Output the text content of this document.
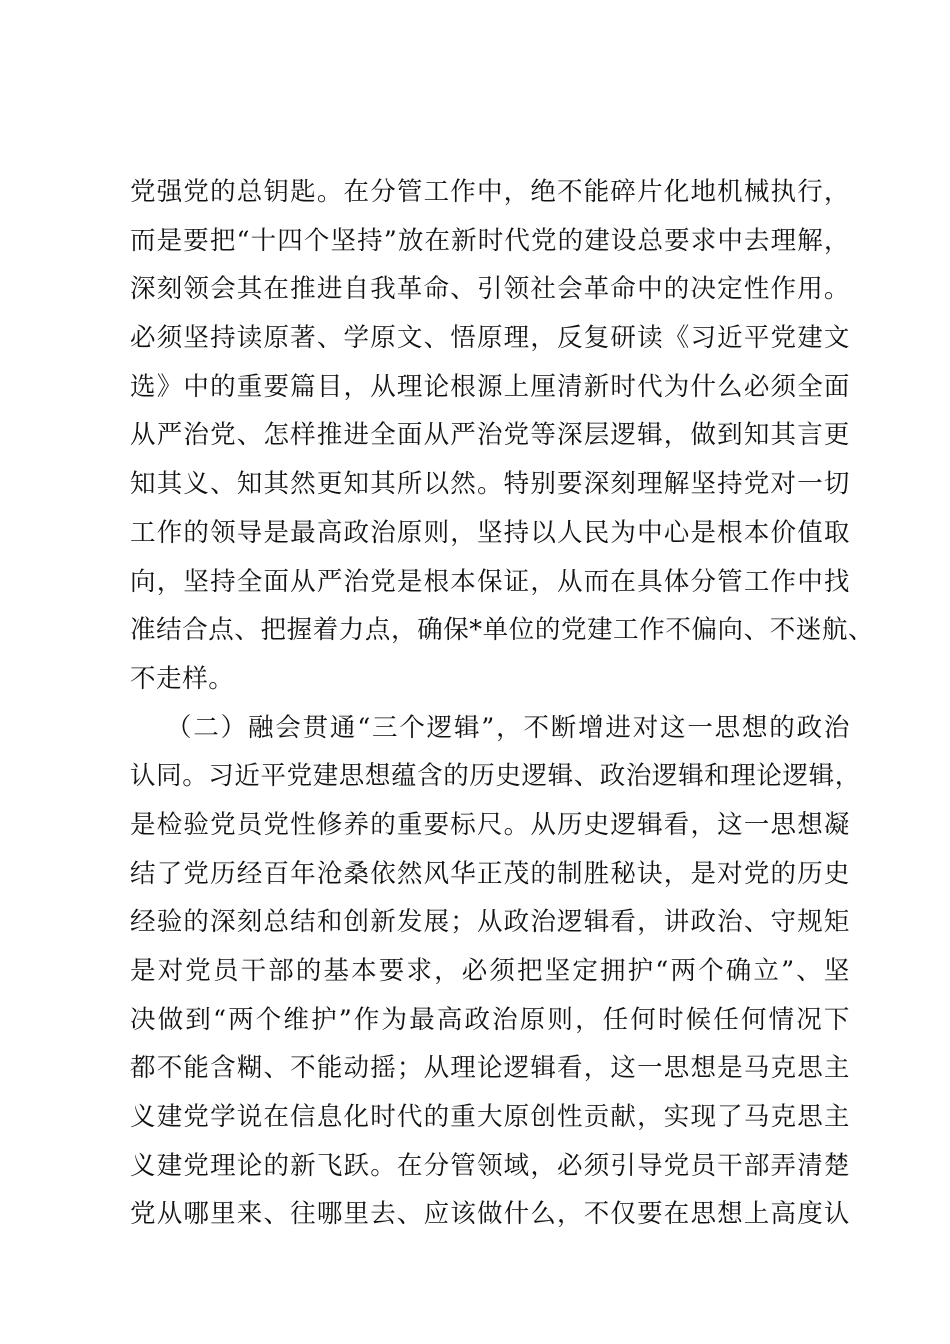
党强党的总钥匙。在分管工作中，绝不能碎片化地机械执行，
而是要把“十四个坚持”放在新时代党的建设总要求中去理解，
深刻领会其在推进自我革命、引领社会革命中的决定性作用。
必须坚持读原著、学原文、悟原理，反复研读《习近平党建文
选》中的重要篇目，从理论根源上厘清新时代为什么必须全面
从严治党、怎样推进全面从严治党等深层逻辑，做到知其言更
知其义、知其然更知其所以然。特别要深刻理解坚持党对一切
工作的领导是最高政治原则，坚持以人民为中心是根本价值取
向，坚持全面从严治党是根本保证，从而在具体分管工作中找
准结合点、把握着力点，确保*单位的党建工作不偏向、不迷航、
不走样。
（二）融会贯通“三个逻辑”，不断增进对这一思想的政治
认同。习近平党建思想蕴含的历史逻辑、政治逻辑和理论逻辑，
是检验党员党性修养的重要标尺。从历史逻辑看，这一思想凝
结了党历经百年沧桑依然风华正茂的制胜秘诀，是对党的历史
经验的深刻总结和创新发展；从政治逻辑看，讲政治、守规矩
是对党员干部的基本要求，必须把坚定拥护“两个确立”、坚
决做到“两个维护”作为最高政治原则，任何时候任何情况下
都不能含糊、不能动摇；从理论逻辑看，这一思想是马克思主
义建党学说在信息化时代的重大原创性贡献，实现了马克思主
义建党理论的新飞跃。在分管领域，必须引导党员干部弄清楚
党从哪里来、往哪里去、应该做什么，不仅要在思想上高度认
